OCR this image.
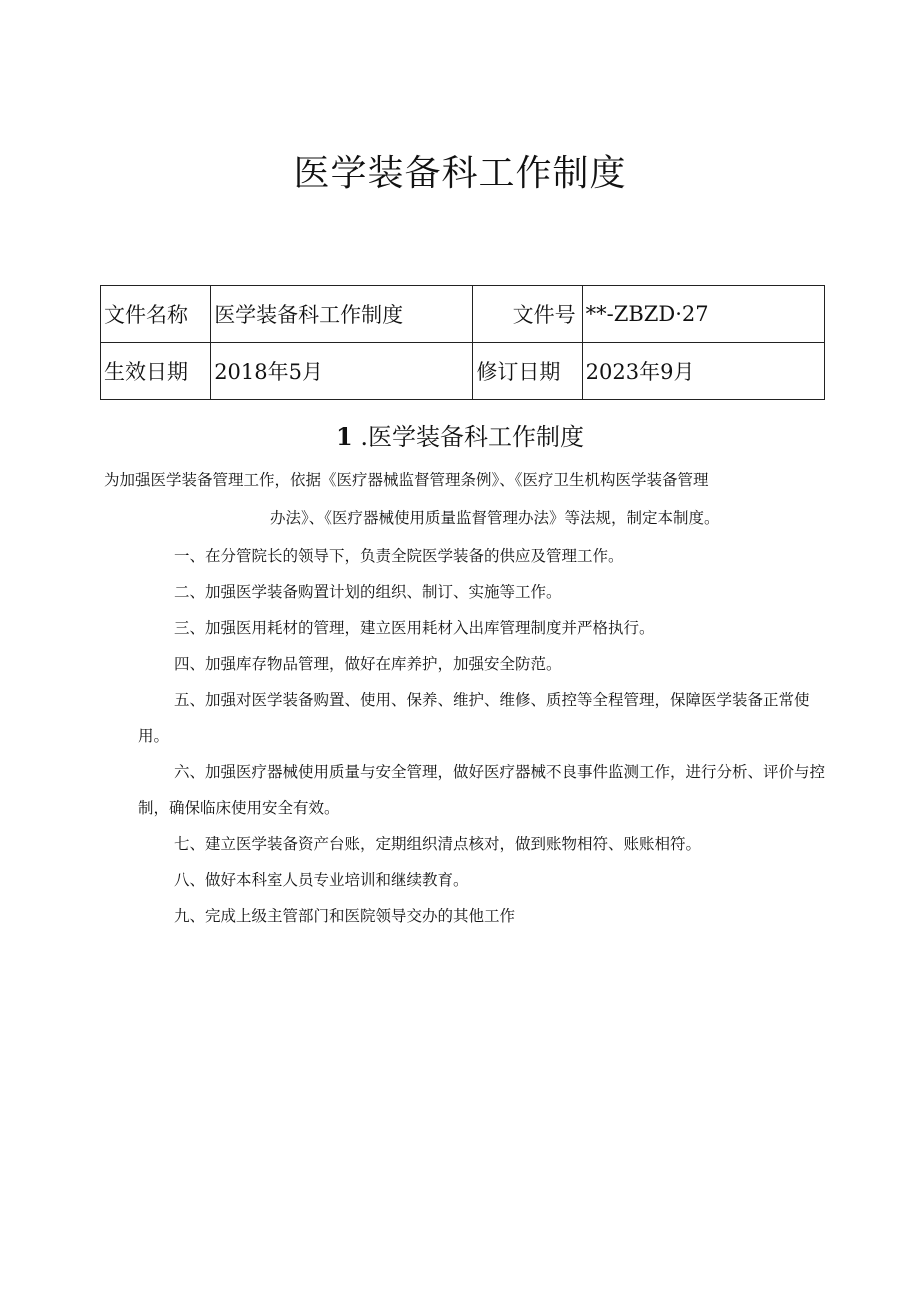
医学装备科工作制度
文件名称	医学装备科工作制度	文件号	**-ZBZD·27
生效日期	2018年5月	修订日期	2023年9月
1 .医学装备科工作制度

为加强医学装备管理工作，依据《医疗器械监督管理条例》、《医疗卫生机构医学装备管理

办法》、《医疗器械使用质量监督管理办法》等法规，制定本制度。

一、在分管院长的领导下，负责全院医学装备的供应及管理工作。

二、加强医学装备购置计划的组织、制订、实施等工作。

三、加强医用耗材的管理，建立医用耗材入出库管理制度并严格执行。

四、加强库存物品管理，做好在库养护，加强安全防范。

五、加强对医学装备购置、使用、保养、维护、维修、质控等全程管理，保障医学装备正常使用。

六、加强医疗器械使用质量与安全管理，做好医疗器械不良事件监测工作，进行分析、评价与控制，确保临床使用安全有效。

七、建立医学装备资产台账，定期组织清点核对，做到账物相符、账账相符。

八、做好本科室人员专业培训和继续教育。

九、完成上级主管部门和医院领导交办的其他工作
